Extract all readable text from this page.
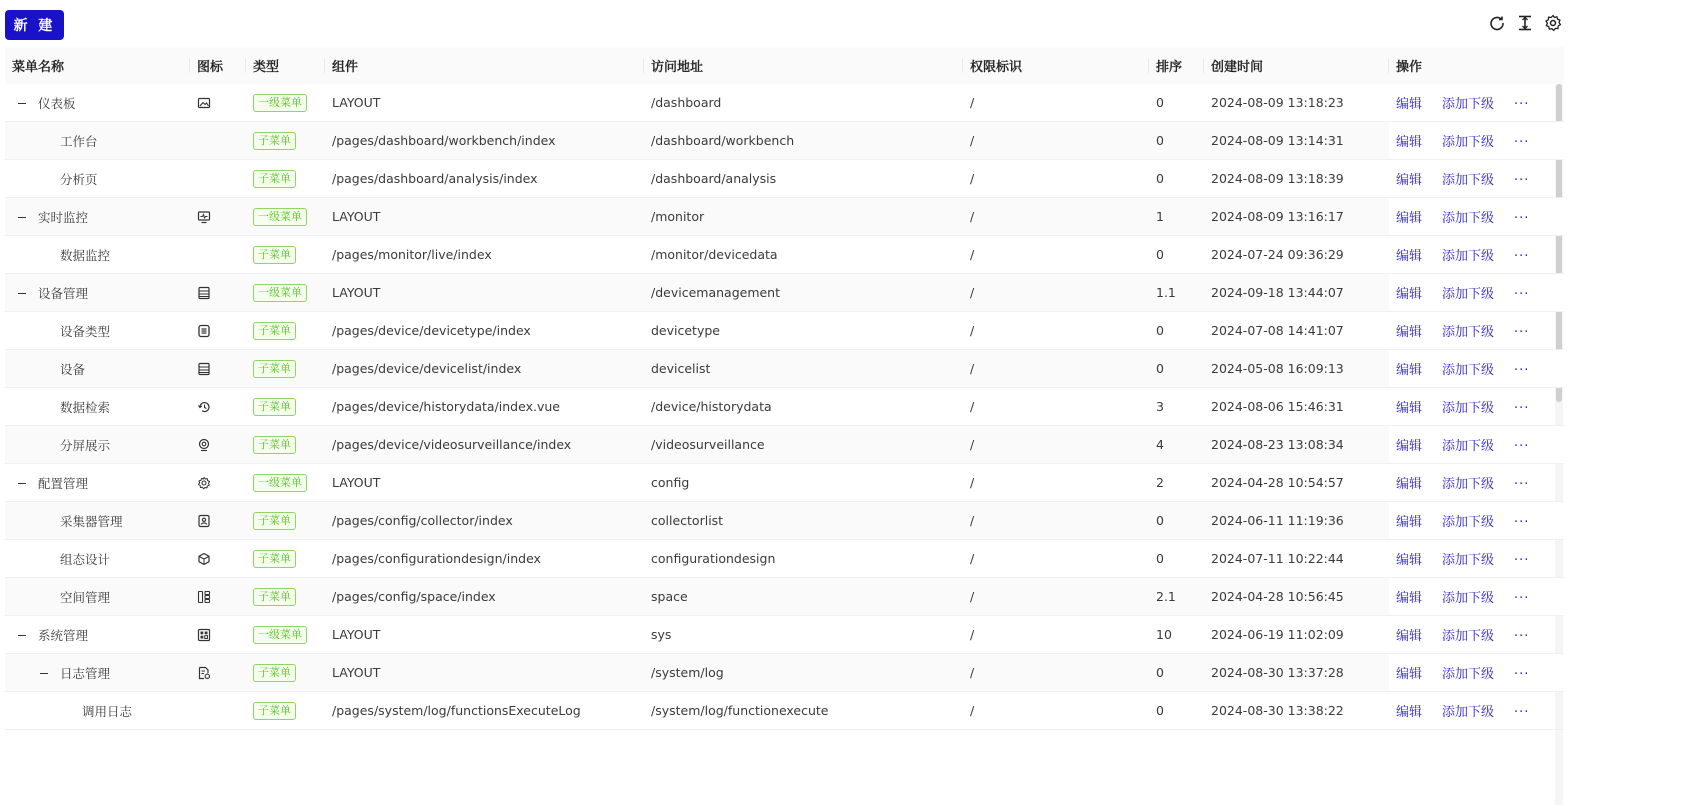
新 建
菜单名称	图标	类型	组件	访问地址	权限标识	排序	创建时间	操作

仪表板		一级菜单	LAYOUT	/dashboard	/	0	2024-08-09 13:18:23	编辑 添加下级 ···

工作台		子菜单	/pages/dashboard/workbench/index	/dashboard/workbench	/	0	2024-08-09 13:14:31	编辑 添加下级 ···

分析页		子菜单	/pages/dashboard/analysis/index	/dashboard/analysis	/	0	2024-08-09 13:18:39	编辑 添加下级 ···

实时监控		一级菜单	LAYOUT	/monitor	/	1	2024-08-09 13:16:17	编辑 添加下级 ···

数据监控		子菜单	/pages/monitor/live/index	/monitor/devicedata	/	0	2024-07-24 09:36:29	编辑 添加下级 ···

设备管理		一级菜单	LAYOUT	/devicemanagement	/	1.1	2024-09-18 13:44:07	编辑 添加下级 ···

设备类型		子菜单	/pages/device/devicetype/index	devicetype	/	0	2024-07-08 14:41:07	编辑 添加下级 ···

设备		子菜单	/pages/device/devicelist/index	devicelist	/	0	2024-05-08 16:09:13	编辑 添加下级 ···

数据检索		子菜单	/pages/device/historydata/index.vue	/device/historydata	/	3	2024-08-06 15:46:31	编辑 添加下级 ···

分屏展示		子菜单	/pages/device/videosurveillance/index	/videosurveillance	/	4	2024-08-23 13:08:34	编辑 添加下级 ···

配置管理		一级菜单	LAYOUT	config	/	2	2024-04-28 10:54:57	编辑 添加下级 ···

采集器管理		子菜单	/pages/config/collector/index	collectorlist	/	0	2024-06-11 11:19:36	编辑 添加下级 ···

组态设计		子菜单	/pages/configurationdesign/index	configurationdesign	/	0	2024-07-11 10:22:44	编辑 添加下级 ···

空间管理		子菜单	/pages/config/space/index	space	/	2.1	2024-04-28 10:56:45	编辑 添加下级 ···

系统管理		一级菜单	LAYOUT	sys	/	10	2024-06-19 11:02:09	编辑 添加下级 ···

日志管理		子菜单	LAYOUT	/system/log	/	0	2024-08-30 13:37:28	编辑 添加下级 ···

调用日志		子菜单	/pages/system/log/functionsExecuteLog	/system/log/functionexecute	/	0	2024-08-30 13:38:22	编辑 添加下级 ···
